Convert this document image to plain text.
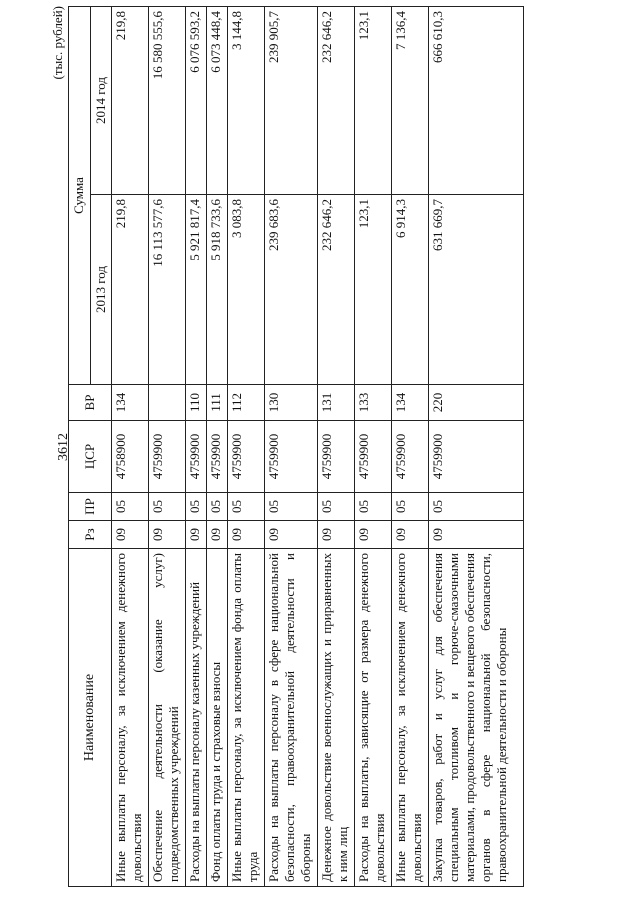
3612
(тыс. рублей)
Наименование	Рз	ПР	ЦСР	ВР	Сумма	
					2013 год	2014 год
Иные выплаты персоналу, за исключением денежного довольствия	09	05	4758900	134	219,8	219,8
Обеспечение деятельности (оказание услуг) подведомственных учреждений	09	05	4759900		16 113 577,6	16 580 555,6
Расходы на выплаты персоналу казенных учреждений	09	05	4759900	110	5 921 817,4	6 076 593,2
Фонд оплаты труда и страховые взносы	09	05	4759900	111	5 918 733,6	6 073 448,4
Иные выплаты персоналу, за исключением фонда оплаты труда	09	05	4759900	112	3 083,8	3 144,8
Расходы на выплаты персоналу в сфере национальной безопасности, правоохранительной деятельности и обороны	09	05	4759900	130	239 683,6	239 905,7
Денежное довольствие военнослужащих и приравненных к ним лиц	09	05	4759900	131	232 646,2	232 646,2
Расходы на выплаты, зависящие от размера денежного довольствия	09	05	4759900	133	123,1	123,1
Иные выплаты персоналу, за исключением денежного довольствия	09	05	4759900	134	6 914,3	7 136,4
Закупка товаров, работ и услуг для обеспечения специальным топливом и горюче-смазочными материалами, продовольственного и вещевого обеспечения органов в сфере национальной безопасности, правоохранительной деятельности и обороны	09	05	4759900	220	631 669,7	666 610,3
